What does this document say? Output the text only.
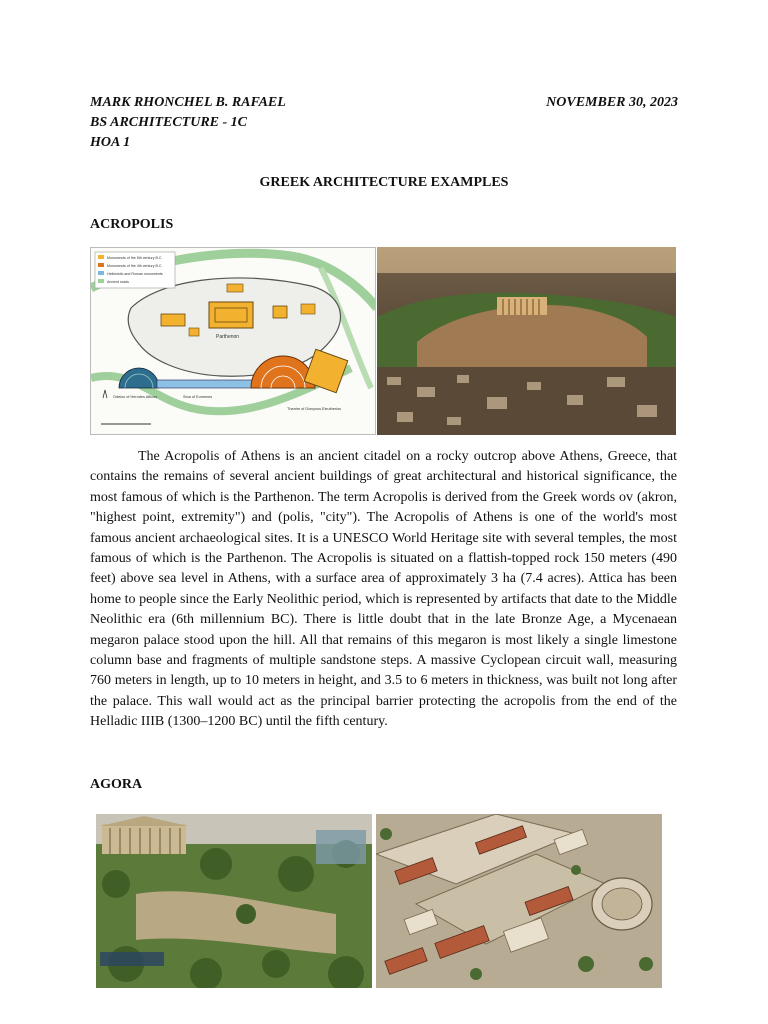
MARK RHONCHEL B. RAFAEL	NOVEMBER 30, 2023
BS ARCHITECTURE - 1C
HOA 1
GREEK ARCHITECTURE EXAMPLES
ACROPOLIS
Monuments of the 5th century B.C.
Monuments of the 4th century B.C.
Hellenistic and Roman monuments
Ancient roads
Parthenon
Odeion of Herodes Atticus	Stoa of Eumenes
Theatre of Dionysos Eleutherios

The Acropolis of Athens is an ancient citadel on a rocky outcrop above Athens, Greece, that contains the remains of several ancient buildings of great architectural and historical significance, the most famous of which is the Parthenon. The term Acropolis is derived from the Greek words ov (akron, "highest point, extremity") and (polis, "city"). The Acropolis of Athens is one of the world's most famous ancient archaeological sites. It is a UNESCO World Heritage site with several temples, the most famous of which is the Parthenon. The Acropolis is situated on a flattish-topped rock 150 meters (490 feet) above sea level in Athens, with a surface area of approximately 3 ha (7.4 acres). Attica has been home to people since the Early Neolithic period, which is represented by artifacts that date to the Middle Neolithic era (6th millennium BC). There is little doubt that in the late Bronze Age, a Mycenaean megaron palace stood upon the hill. All that remains of this megaron is most likely a single limestone column base and fragments of multiple sandstone steps. A massive Cyclopean circuit wall, measuring 760 meters in length, up to 10 meters in height, and 3.5 to 6 meters in thickness, was built not long after the palace. This wall would act as the principal barrier protecting the acropolis from the end of the Helladic IIIB (1300–1200 BC) until the fifth century.

AGORA
